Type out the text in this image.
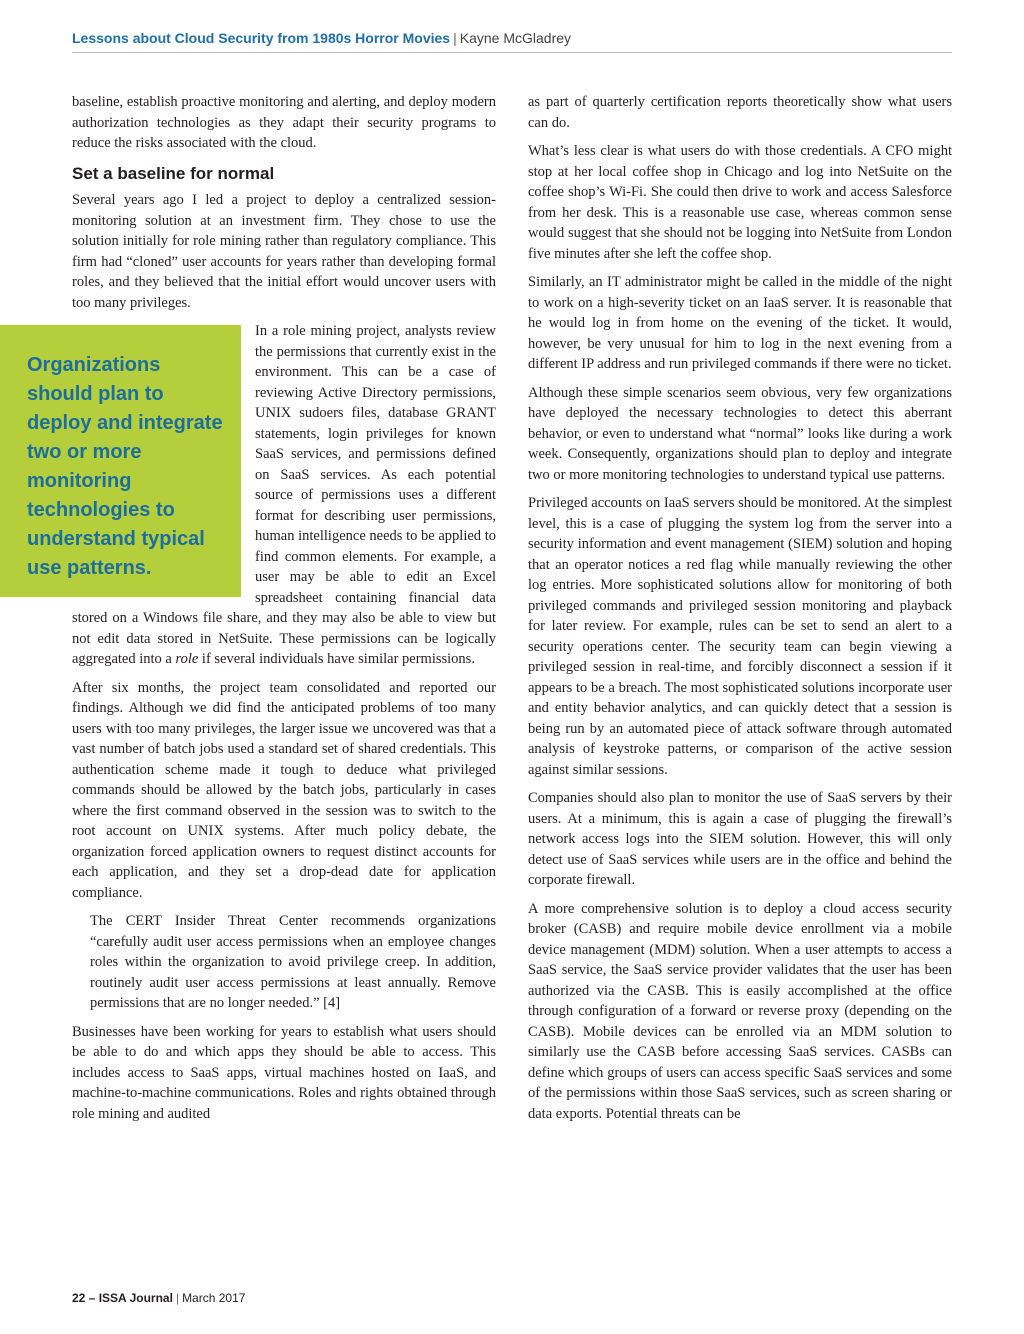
Lessons about Cloud Security from 1980s Horror Movies | Kayne McGladrey

baseline, establish proactive monitoring and alerting, and deploy modern authorization technologies as they adapt their security programs to reduce the risks associated with the cloud.

Set a baseline for normal

Several years ago I led a project to deploy a centralized session-monitoring solution at an investment firm. They chose to use the solution initially for role mining rather than regulatory compliance. This firm had “cloned” user accounts for years rather than developing formal roles, and they believed that the initial effort would uncover users with too many privileges.

Organizations should plan to deploy and integrate two or more monitoring technologies to understand typical use patterns.

In a role mining project, analysts review the permissions that currently exist in the environment. This can be a case of reviewing Active Directory permissions, UNIX sudoers files, database GRANT statements, login privileges for known SaaS services, and permissions defined on SaaS services. As each potential source of permissions uses a different format for describing user permissions, human intelligence needs to be applied to find common elements. For example, a user may be able to edit an Excel spreadsheet containing financial data stored on a Windows file share, and they may also be able to view but not edit data stored in NetSuite. These permissions can be logically aggregated into a role if several individuals have similar permissions.

After six months, the project team consolidated and reported our findings. Although we did find the anticipated problems of too many users with too many privileges, the larger issue we uncovered was that a vast number of batch jobs used a standard set of shared credentials. This authentication scheme made it tough to deduce what privileged commands should be allowed by the batch jobs, particularly in cases where the first command observed in the session was to switch to the root account on UNIX systems. After much policy debate, the organization forced application owners to request distinct accounts for each application, and they set a drop-dead date for application compliance.

The CERT Insider Threat Center recommends organizations “carefully audit user access permissions when an employee changes roles within the organization to avoid privilege creep. In addition, routinely audit user access permissions at least annually. Remove permissions that are no longer needed.” [4]

Businesses have been working for years to establish what users should be able to do and which apps they should be able to access. This includes access to SaaS apps, virtual machines hosted on IaaS, and machine-to-machine communications. Roles and rights obtained through role mining and audited

as part of quarterly certification reports theoretically show what users can do.

What’s less clear is what users do with those credentials. A CFO might stop at her local coffee shop in Chicago and log into NetSuite on the coffee shop’s Wi-Fi. She could then drive to work and access Salesforce from her desk. This is a reasonable use case, whereas common sense would suggest that she should not be logging into NetSuite from London five minutes after she left the coffee shop.

Similarly, an IT administrator might be called in the middle of the night to work on a high-severity ticket on an IaaS server. It is reasonable that he would log in from home on the evening of the ticket. It would, however, be very unusual for him to log in the next evening from a different IP address and run privileged commands if there were no ticket.

Although these simple scenarios seem obvious, very few organizations have deployed the necessary technologies to detect this aberrant behavior, or even to understand what “normal” looks like during a work week. Consequently, organizations should plan to deploy and integrate two or more monitoring technologies to understand typical use patterns.

Privileged accounts on IaaS servers should be monitored. At the simplest level, this is a case of plugging the system log from the server into a security information and event management (SIEM) solution and hoping that an operator notices a red flag while manually reviewing the other log entries. More sophisticated solutions allow for monitoring of both privileged commands and privileged session monitoring and playback for later review. For example, rules can be set to send an alert to a security operations center. The security team can begin viewing a privileged session in real-time, and forcibly disconnect a session if it appears to be a breach. The most sophisticated solutions incorporate user and entity behavior analytics, and can quickly detect that a session is being run by an automated piece of attack software through automated analysis of keystroke patterns, or comparison of the active session against similar sessions.

Companies should also plan to monitor the use of SaaS servers by their users. At a minimum, this is again a case of plugging the firewall’s network access logs into the SIEM solution. However, this will only detect use of SaaS services while users are in the office and behind the corporate firewall.

A more comprehensive solution is to deploy a cloud access security broker (CASB) and require mobile device enrollment via a mobile device management (MDM) solution. When a user attempts to access a SaaS service, the SaaS service provider validates that the user has been authorized via the CASB. This is easily accomplished at the office through configuration of a forward or reverse proxy (depending on the CASB). Mobile devices can be enrolled via an MDM solution to similarly use the CASB before accessing SaaS services. CASBs can define which groups of users can access specific SaaS services and some of the permissions within those SaaS services, such as screen sharing or data exports. Potential threats can be

22 – ISSA Journal | March 2017
